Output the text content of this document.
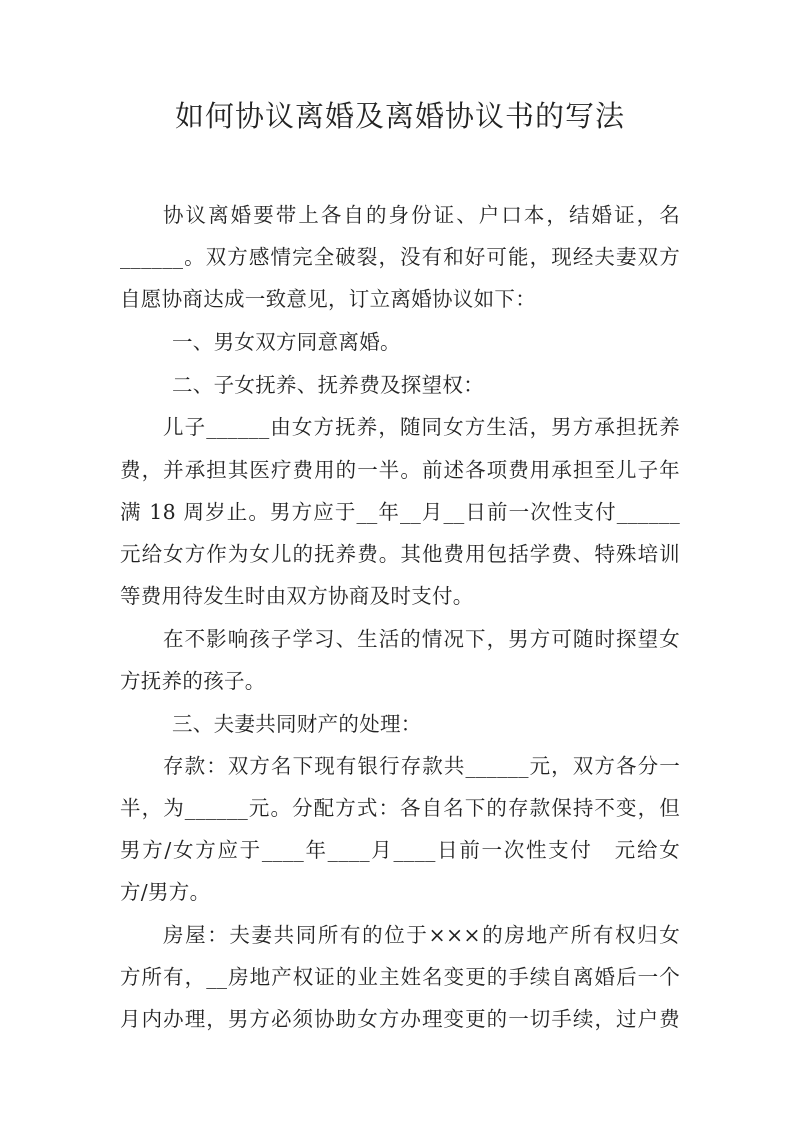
如何协议离婚及离婚协议书的写法
协议离婚要带上各自的身份证、户口本，结婚证，名
______。双方感情完全破裂，没有和好可能，现经夫妻双方
自愿协商达成一致意见，订立离婚协议如下：
一、男女双方同意离婚。
二、子女抚养、抚养费及探望权：
儿子______由女方抚养，随同女方生活，男方承担抚养
费，并承担其医疗费用的一半。前述各项费用承担至儿子年
满 18 周岁止。男方应于__年__月__日前一次性支付______
元给女方作为女儿的抚养费。其他费用包括学费、特殊培训
等费用待发生时由双方协商及时支付。
在不影响孩子学习、生活的情况下，男方可随时探望女
方抚养的孩子。
三、夫妻共同财产的处理：
存款：双方名下现有银行存款共______元，双方各分一
半，为______元。分配方式：各自名下的存款保持不变，但
男方/女方应于____年____月____日前一次性支付　元给女
方/男方。
房屋：夫妻共同所有的位于×××的房地产所有权归女
方所有，__房地产权证的业主姓名变更的手续自离婚后一个
月内办理，男方必须协助女方办理变更的一切手续，过户费
